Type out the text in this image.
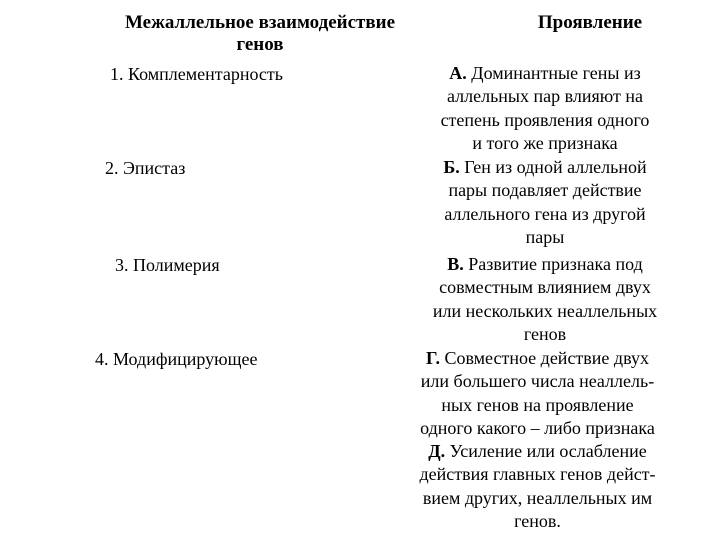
Межаллельное взаимодействие генов
Проявление
1. Комплементарность	А. Доминантные гены из
аллельных пар влияют на
степень проявления одного
и того же признака
2. Эпистаз	Б. Ген из одной аллельной
пары подавляет действие
аллельного гена из другой
пары
3. Полимерия	В. Развитие признака под
совместным влиянием двух
или нескольких неаллельных
генов
4. Модифицирующее	Г. Совместное действие двух
или большего числа неаллель-
ных генов на проявление
одного какого – либо признака
Д. Усиление или ослабление
действия главных генов дейст-
вием других, неаллельных им
генов.
